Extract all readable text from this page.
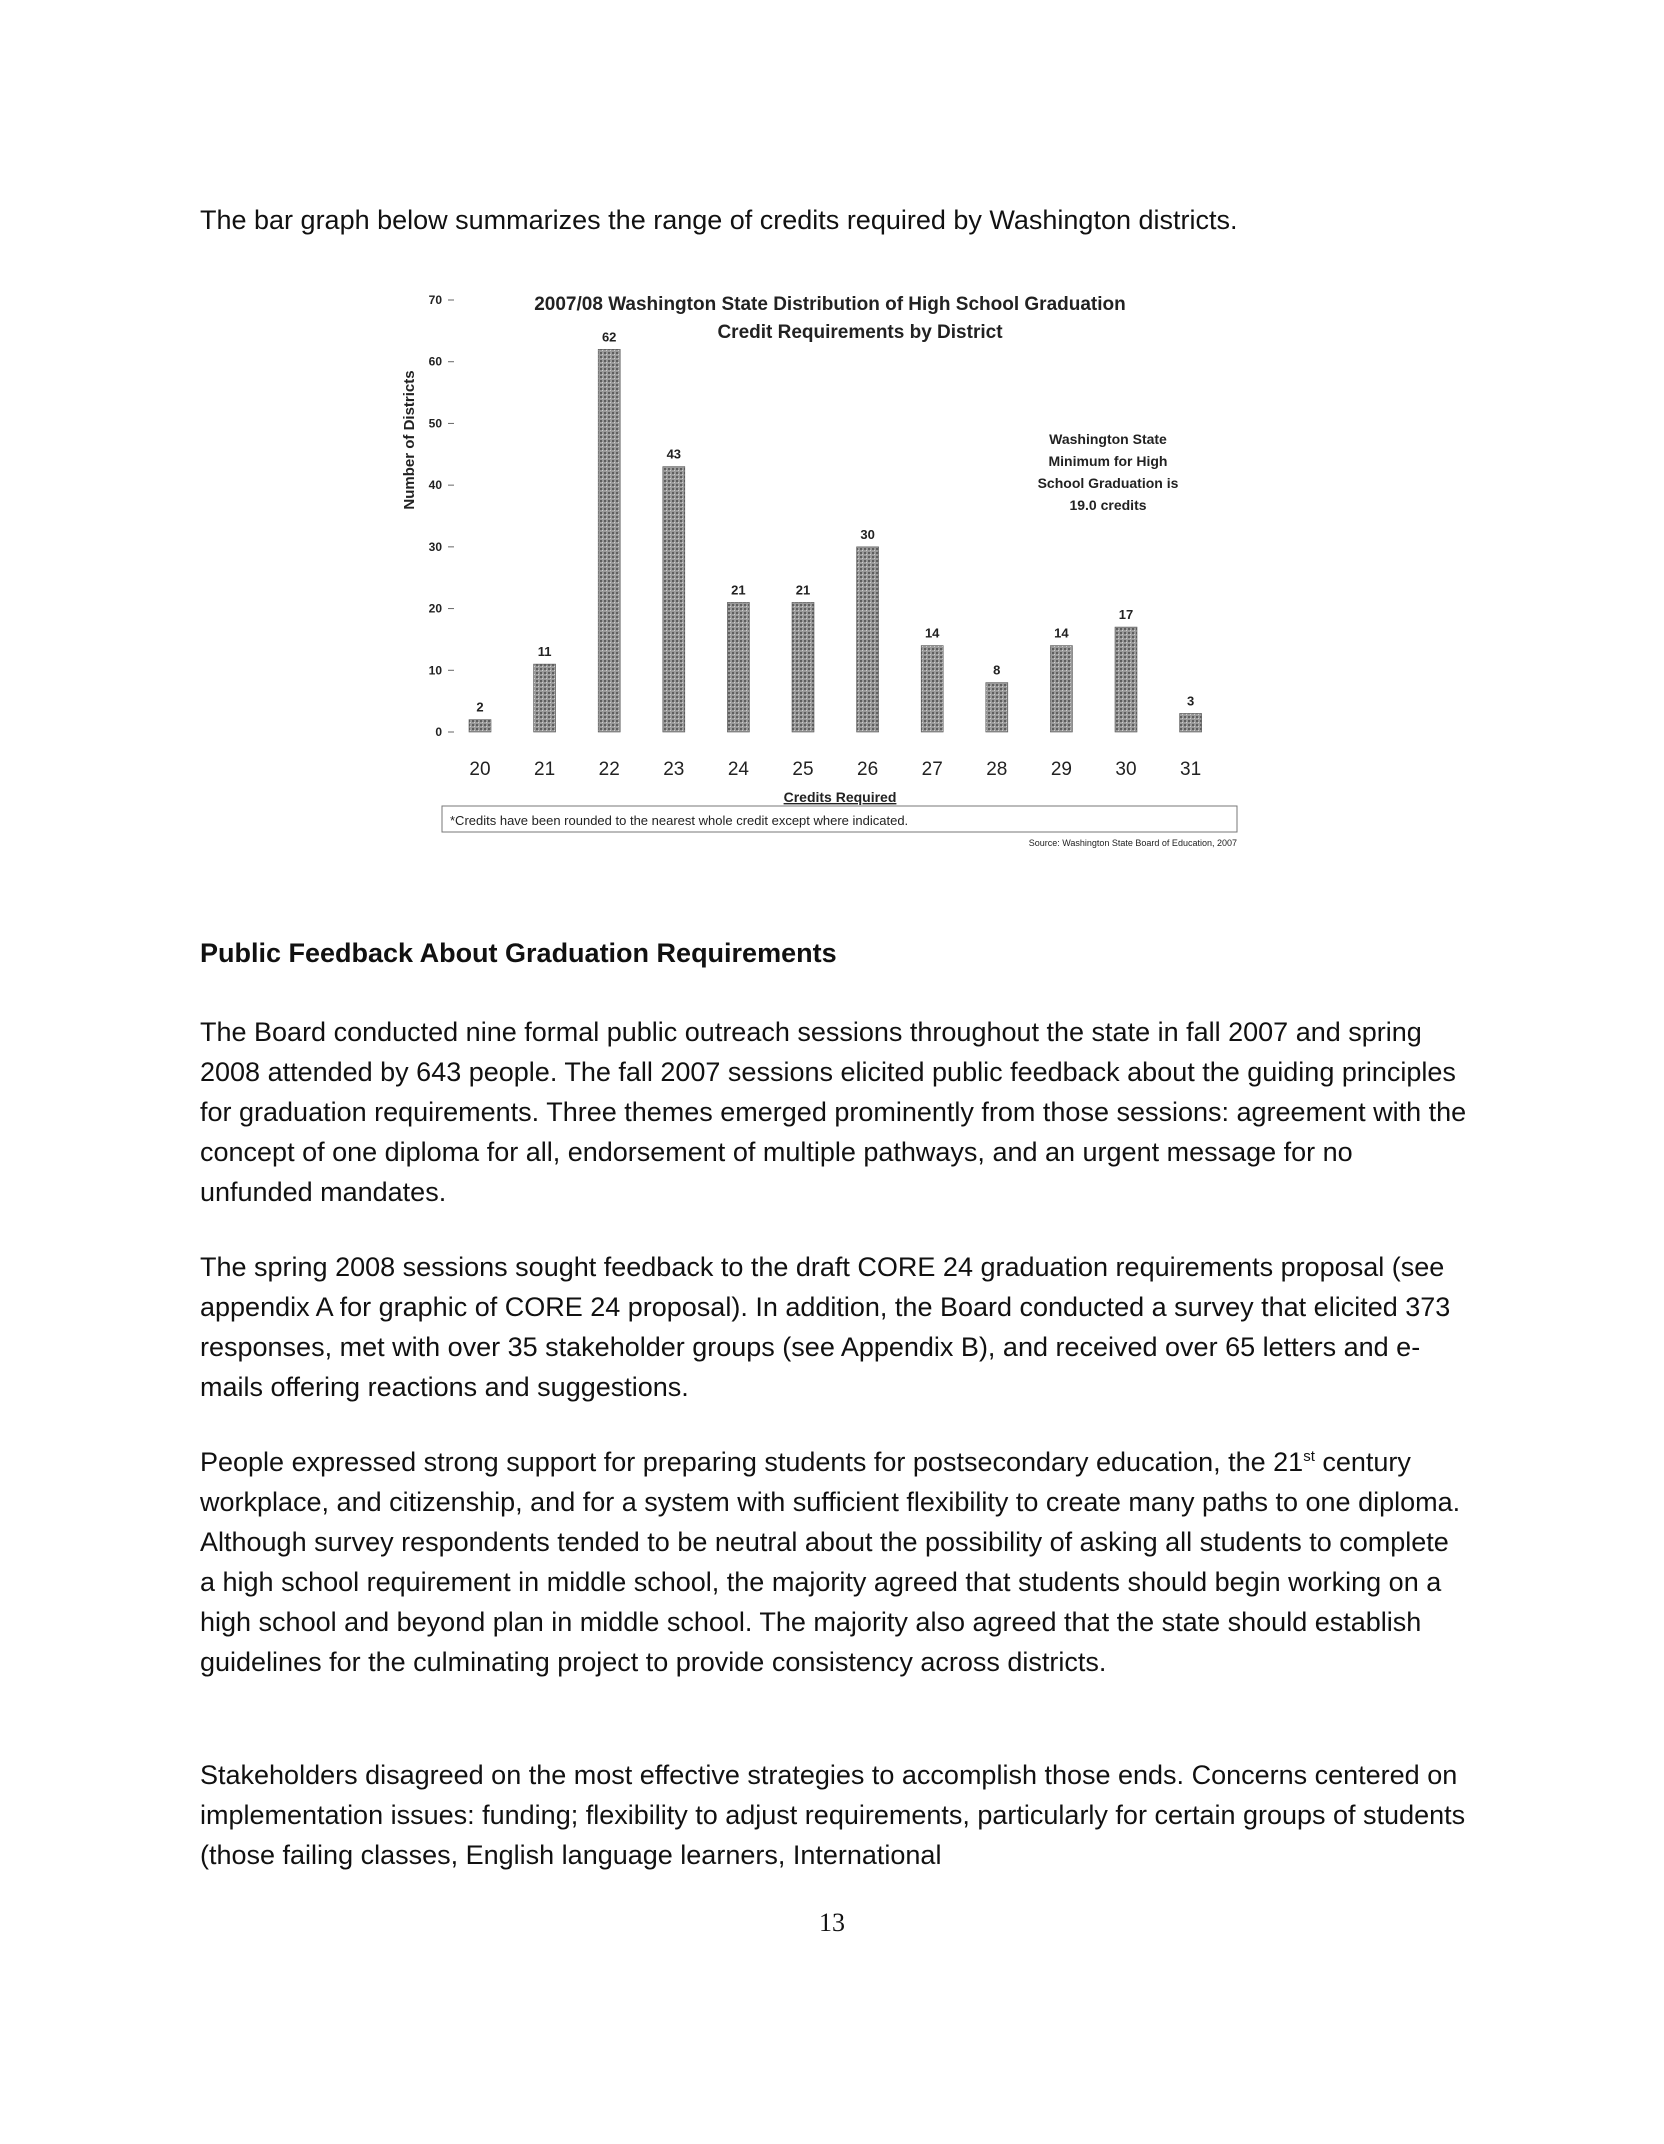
The bar graph below summarizes the range of credits required by Washington districts.

2007/08 Washington State Distribution of High School Graduation
Credit Requirements by District
Number of Districts
0
10
20
30
40
50
60
70
2
11
62
43
21	21
30
14
8
14
17
3
20 21 22 23 24 25 26 27 28 29 30 31
Credits Required
Washington State
Minimum for High
School Graduation is
19.0 credits
*Credits have been rounded to the nearest whole credit except where indicated.
Source: Washington State Board of Education, 2007
Public Feedback About Graduation Requirements

The Board conducted nine formal public outreach sessions throughout the state in fall 2007 and spring 2008 attended by 643 people. The fall 2007 sessions elicited public feedback about the guiding principles for graduation requirements. Three themes emerged prominently from those sessions: agreement with the concept of one diploma for all, endorsement of multiple pathways, and an urgent message for no unfunded mandates.

The spring 2008 sessions sought feedback to the draft CORE 24 graduation requirements proposal (see appendix A for graphic of CORE 24 proposal). In addition, the Board conducted a survey that elicited 373 responses, met with over 35 stakeholder groups (see Appendix B), and received over 65 letters and e-mails offering reactions and suggestions.

People expressed strong support for preparing students for postsecondary education, the 21st century workplace, and citizenship, and for a system with sufficient flexibility to create many paths to one diploma. Although survey respondents tended to be neutral about the possibility of asking all students to complete a high school requirement in middle school, the majority agreed that students should begin working on a high school and beyond plan in middle school. The majority also agreed that the state should establish guidelines for the culminating project to provide consistency across districts.

Stakeholders disagreed on the most effective strategies to accomplish those ends. Concerns centered on implementation issues: funding; flexibility to adjust requirements, particularly for certain groups of students (those failing classes, English language learners, International

13
